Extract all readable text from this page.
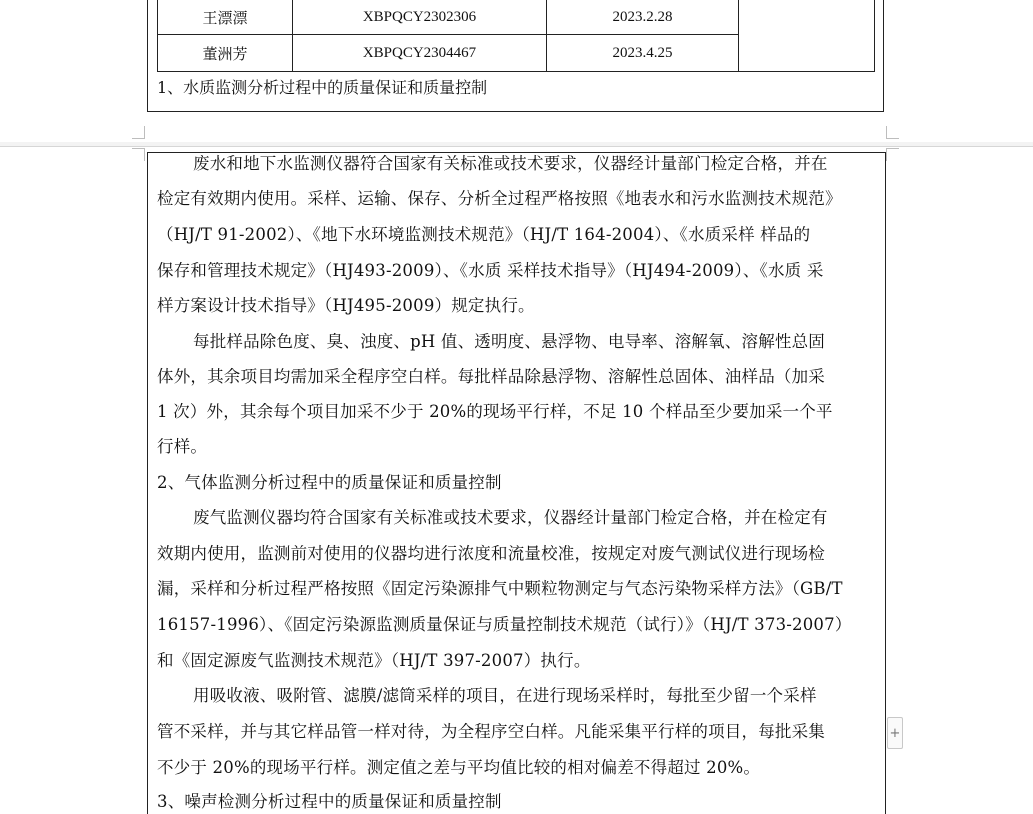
王漂漂	XBPQCY2302306	2023.2.28	
董洲芳	XBPQCY2304467	2023.4.25	
1、水质监测分析过程中的质量保证和质量控制
废水和地下水监测仪器符合国家有关标准或技术要求，仪器经计量部门检定合格，并在
检定有效期内使用。采样、运输、保存、分析全过程严格按照《地表水和污水监测技术规范》
（HJ/T 91-2002）、《地下水环境监测技术规范》（HJ/T 164-2004）、《水质采样 样品的
保存和管理技术规定》（HJ493-2009）、《水质 采样技术指导》（HJ494-2009）、《水质 采
样方案设计技术指导》（HJ495-2009）规定执行。
每批样品除色度、臭、浊度、pH 值、透明度、悬浮物、电导率、溶解氧、溶解性总固
体外，其余项目均需加采全程序空白样。每批样品除悬浮物、溶解性总固体、油样品（加采
1 次）外，其余每个项目加采不少于 20%的现场平行样，不足 10 个样品至少要加采一个平
行样。
2、气体监测分析过程中的质量保证和质量控制
废气监测仪器均符合国家有关标准或技术要求，仪器经计量部门检定合格，并在检定有
效期内使用，监测前对使用的仪器均进行浓度和流量校准，按规定对废气测试仪进行现场检
漏，采样和分析过程严格按照《固定污染源排气中颗粒物测定与气态污染物采样方法》（GB/T
16157-1996）、《固定污染源监测质量保证与质量控制技术规范（试行）》（HJ/T 373-2007）
和《固定源废气监测技术规范》（HJ/T 397-2007）执行。
用吸收液、吸附管、滤膜/滤筒采样的项目，在进行现场采样时，每批至少留一个采样
管不采样，并与其它样品管一样对待，为全程序空白样。凡能采集平行样的项目，每批采集
不少于 20%的现场平行样。测定值之差与平均值比较的相对偏差不得超过 20%。
3、噪声检测分析过程中的质量保证和质量控制
+
